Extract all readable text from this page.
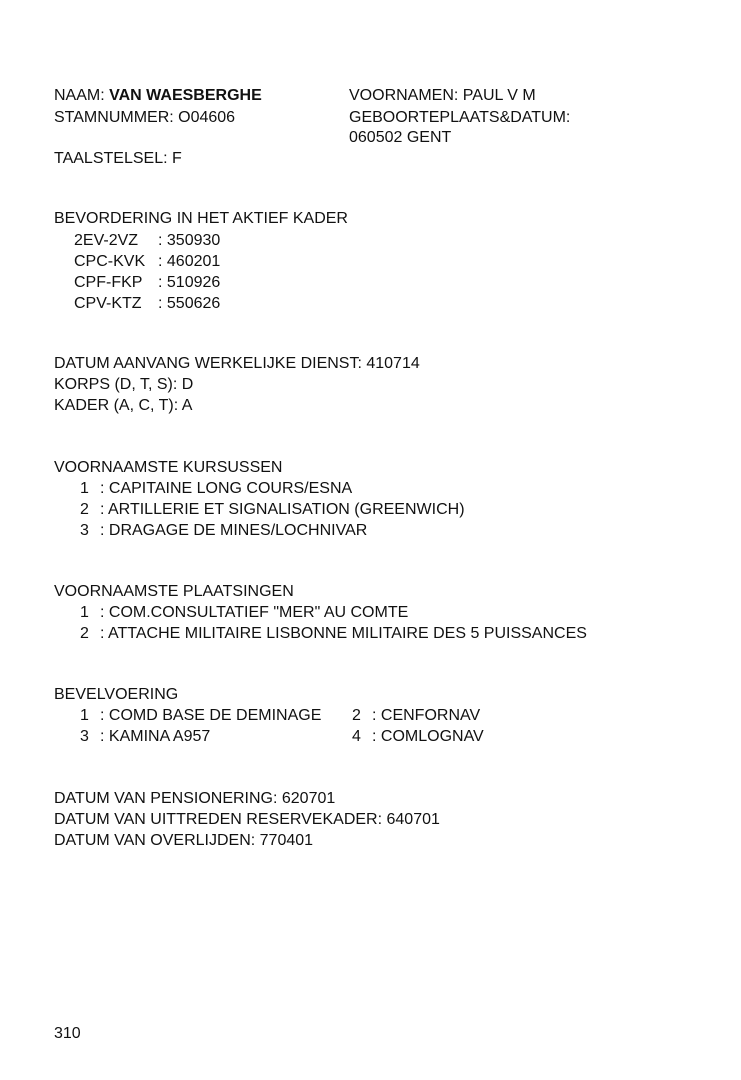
NAAM: VAN WAESBERGHE
STAMNUMMER: O04606
TAALSTELSEL: F
VOORNAMEN: PAUL V M
GEBOORTEPLAATS&DATUM:
060502 GENT
BEVORDERING IN HET AKTIEF KADER
2EV-2VZ : 350930
CPC-KVK : 460201
CPF-FKP : 510926
CPV-KTZ : 550626
DATUM AANVANG WERKELIJKE DIENST: 410714
KORPS (D, T, S): D
KADER (A, C, T): A
VOORNAAMSTE KURSUSSEN
1 : CAPITAINE LONG COURS/ESNA
2 : ARTILLERIE ET SIGNALISATION (GREENWICH)
3 : DRAGAGE DE MINES/LOCHNIVAR
VOORNAAMSTE PLAATSINGEN
1 : COM.CONSULTATIEF "MER" AU COMTE
2 : ATTACHE MILITAIRE LISBONNE MILITAIRE DES 5 PUISSANCES
BEVELVOERING
1 : COMD BASE DE DEMINAGE 2 : CENFORNAV
3 : KAMINA A957	4 : COMLOGNAV
DATUM VAN PENSIONERING: 620701
DATUM VAN UITTREDEN RESERVEKADER: 640701
DATUM VAN OVERLIJDEN: 770401
310
